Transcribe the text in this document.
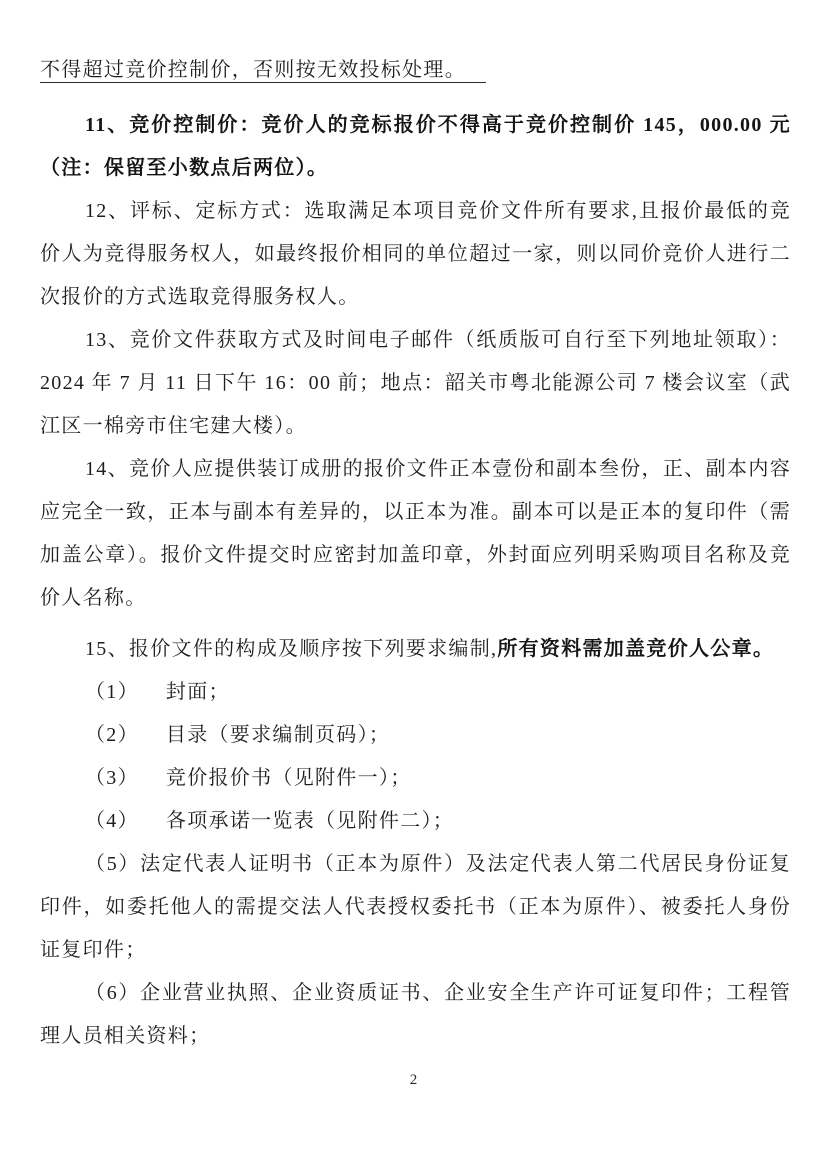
不得超过竞价控制价，否则按无效投标处理。

11、竞价控制价：竞价人的竞标报价不得高于竞价控制价 145，000.00 元（注：保留至小数点后两位）。

12、评标、定标方式：选取满足本项目竞价文件所有要求,且报价最低的竞价人为竞得服务权人，如最终报价相同的单位超过一家，则以同价竞价人进行二次报价的方式选取竞得服务权人。

13、竞价文件获取方式及时间电子邮件（纸质版可自行至下列地址领取）：2024 年 7 月 11 日下午 16：00 前；地点：韶关市粤北能源公司 7 楼会议室（武江区一棉旁市住宅建大楼）。

14、竞价人应提供装订成册的报价文件正本壹份和副本叁份，正、副本内容应完全一致，正本与副本有差异的，以正本为准。副本可以是正本的复印件（需加盖公章）。报价文件提交时应密封加盖印章，外封面应列明采购项目名称及竞价人名称。

15、报价文件的构成及顺序按下列要求编制,所有资料需加盖竞价人公章。

（1） 封面；

（2） 目录（要求编制页码）；

（3） 竞价报价书（见附件一）；

（4） 各项承诺一览表（见附件二）；

（5）法定代表人证明书（正本为原件）及法定代表人第二代居民身份证复印件，如委托他人的需提交法人代表授权委托书（正本为原件）、被委托人身份证复印件；

（6）企业营业执照、企业资质证书、企业安全生产许可证复印件；工程管理人员相关资料；

2
